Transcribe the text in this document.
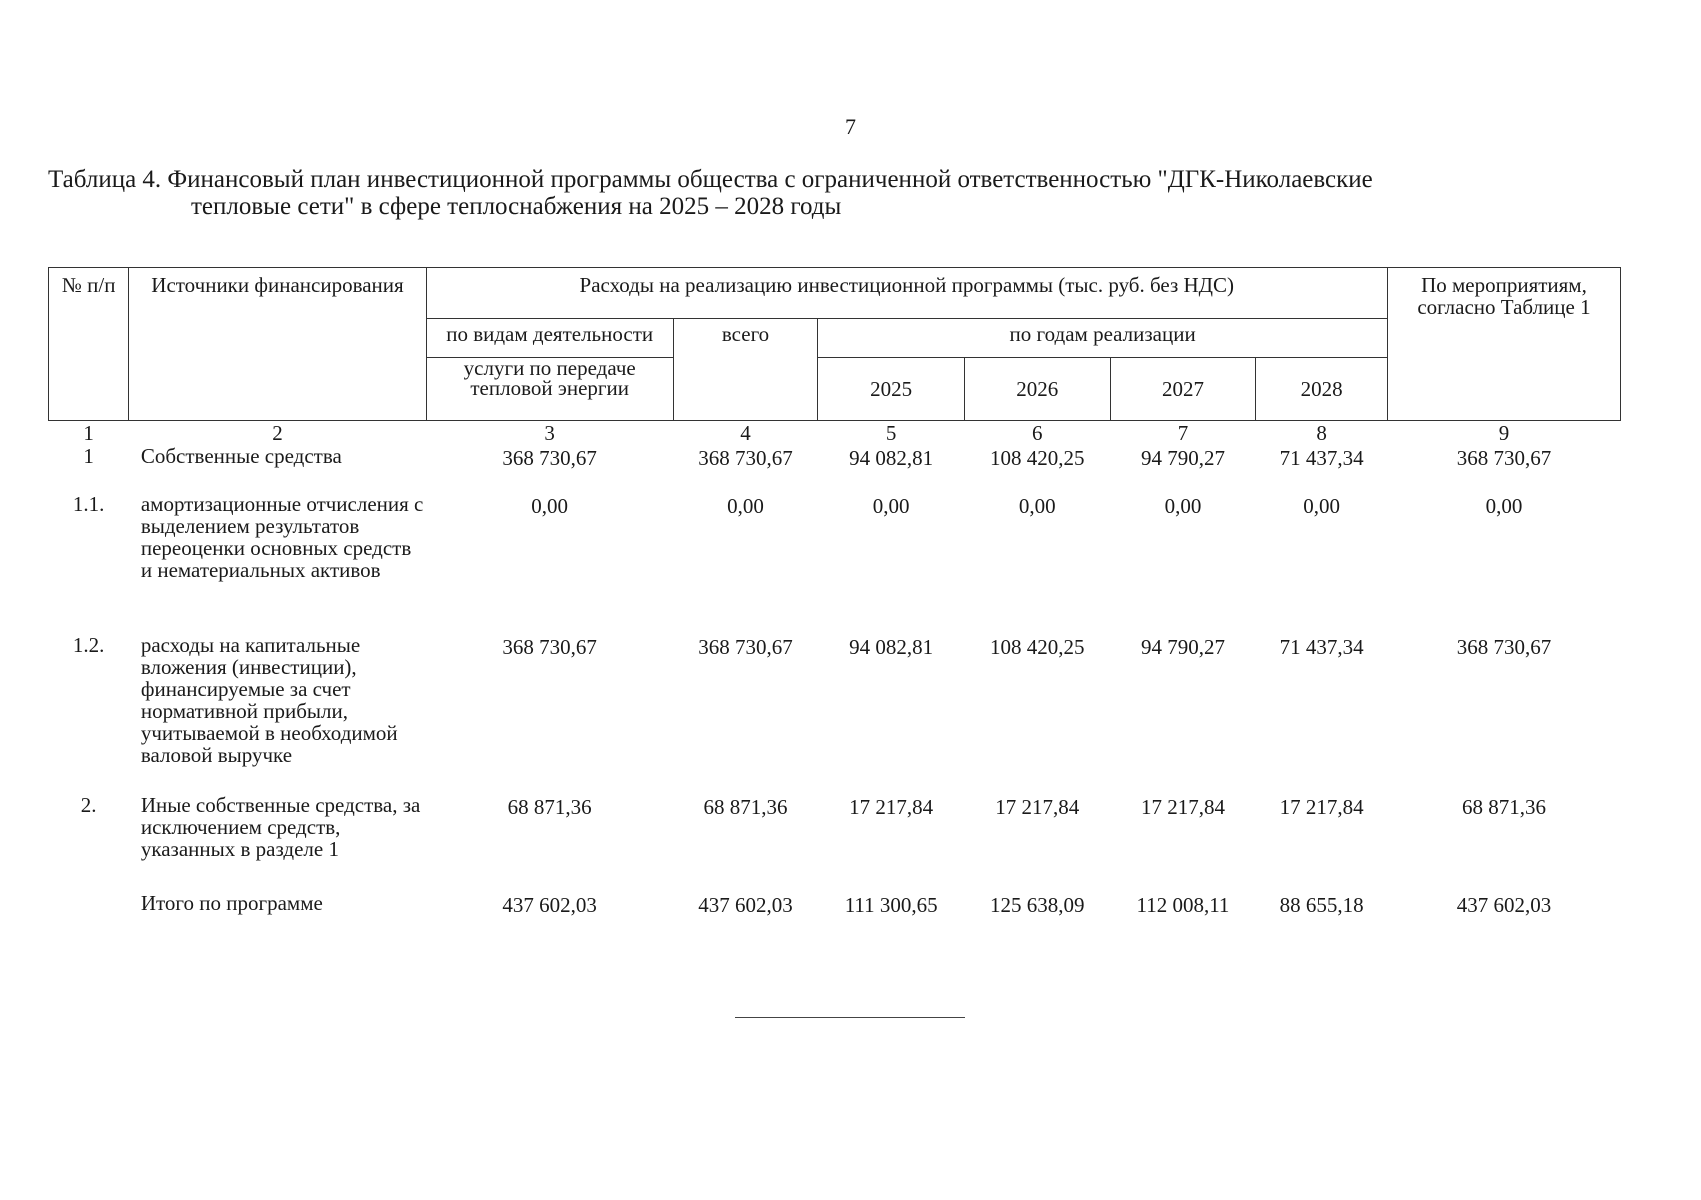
7
Таблица 4. Финансовый план инвестиционной программы общества с ограниченной ответственностью "ДГК-Николаевские
тепловые сети" в сфере теплоснабжения на 2025 – 2028 годы
№ п/п	Источники финансирования	Расходы на реализацию инвестиционной программы (тыс. руб. без НДС)						По мероприятиям, согласно Таблице 1
		по видам деятельности	всего	по годам реализации				
		услуги по передаче тепловой энергии		2025	2026	2027	2028	
1	2	3	4	5	6	7	8	9
1	Собственные средства	368 730,67	368 730,67	94 082,81	108 420,25	94 790,27	71 437,34	368 730,67
1.1.	амортизационные отчисления с выделением результатов переоценки основных средств и нематериальных активов	0,00	0,00	0,00	0,00	0,00	0,00	0,00
1.2.	расходы на капитальные вложения (инвестиции), финансируемые за счет нормативной прибыли, учитываемой в необходимой валовой выручке	368 730,67	368 730,67	94 082,81	108 420,25	94 790,27	71 437,34	368 730,67
2.	Иные собственные средства, за исключением средств, указанных в разделе 1	68 871,36	68 871,36	17 217,84	17 217,84	17 217,84	17 217,84	68 871,36
	Итого по программе	437 602,03	437 602,03	111 300,65	125 638,09	112 008,11	88 655,18	437 602,03
